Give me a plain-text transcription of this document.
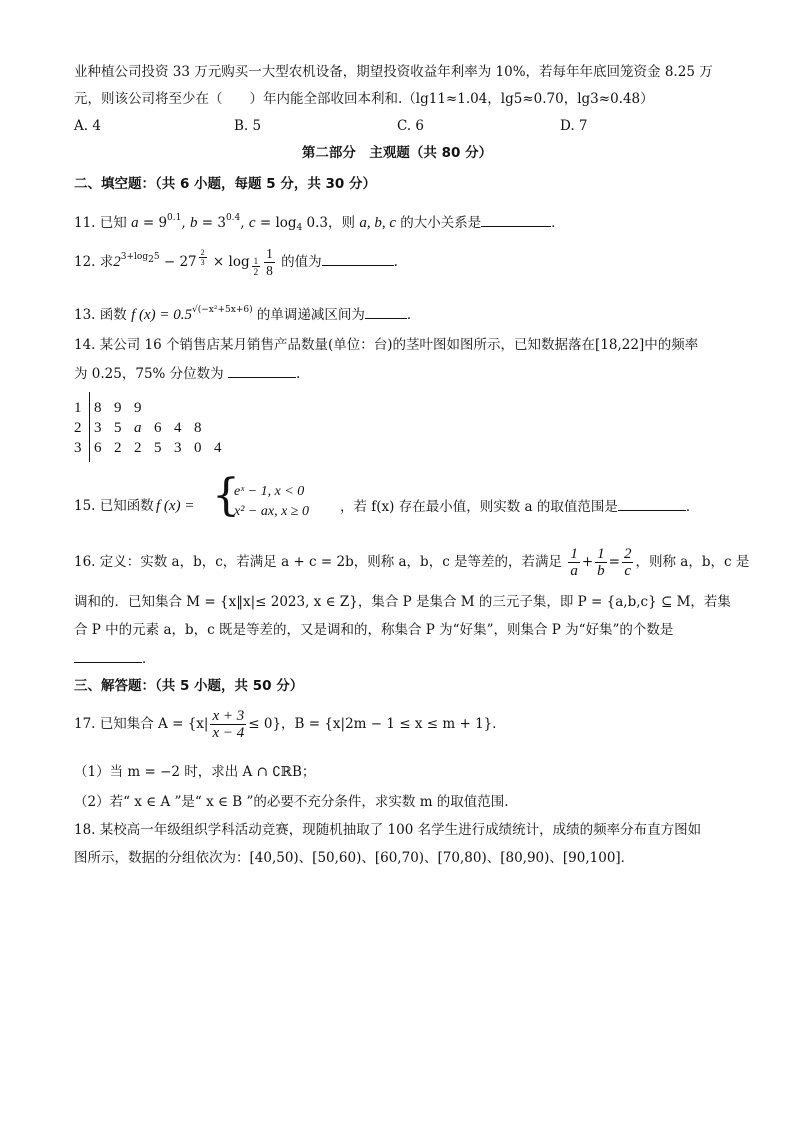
业种植公司投资 33 万元购买一大型农机设备，期望投资收益年利率为 10%，若每年年底回笼资金 8.25 万
元，则该公司将至少在（　　）年内能全部收回本利和.（lg11≈1.04，lg5≈0.70，lg3≈0.48）
A. 4	B. 5	C. 6	D. 7
第二部分　主观题（共 80 分）
二、填空题：（共 6 小题，每题 5 分，共 30 分）
11. 已知 $a = 9^{0.1}$, $b = 3^{0.4}$, $c = \log_4 0.3$，则 a, b, c 的大小关系是	．
12. 求$2^{3+log_25} - 27$ $^{\frac{2}{3}} \times \log _{\frac{1}{2}} \frac{1}{8}$ 的值为	.
13. 函数 f $(x) = 0.5^{√(-x^2+5x+6)}$ 的单调递减区间为	．
14. 某公司 16 个销售店某月销售产品数量(单位：台)的茎叶图如图所示，已知数据落在[18,22]中的频率
为 0.25，75% 分位数为	.
1 8 9 9
2 3 5 a 6 4 8
3 6 2 2 5 3 0 4
15. 已知函数 f (x) = {
eˣ − 1, x < 0
x² − ax, x ≥ 0 ，若 f(x) 存在最小值，则实数 a 的取值范围是	．
16. 定义：实数 a，b，c，若满足 a + c = 2b，则称 a，b，c 是等差的，若满足 $\frac{1}{a} + \frac{1}{b} = \frac{2}{c}$ ，则称 a，b，c 是
调和的．已知集合 M = {x‖x|≤ 2023, x ∈ Z}，集合 P 是集合 M 的三元子集，即 P = {a,b,c} ⊆ M，若集
合 P 中的元素 a，b，c 既是等差的，又是调和的，称集合 P 为“好集”，则集合 P 为“好集”的个数是
．
三、解答题：（共 5 小题，共 50 分）
17. 已知集合 $A = \{x| \frac{x + 3}{x - 4} \le 0\}$，B = {x|2m − 1 ≤ x ≤ m + 1}．
（1）当 m = −2 时，求出 A ∩ ∁ℝB；
（2）若“ x ∈ A ”是“ x ∈ B ”的必要不充分条件，求实数 m 的取值范围.
18. 某校高一年级组织学科活动竞赛，现随机抽取了 100 名学生进行成绩统计，成绩的频率分布直方图如
图所示，数据的分组依次为：[40,50)、[50,60)、[60,70)、[70,80)、[80,90)、[90,100]．
